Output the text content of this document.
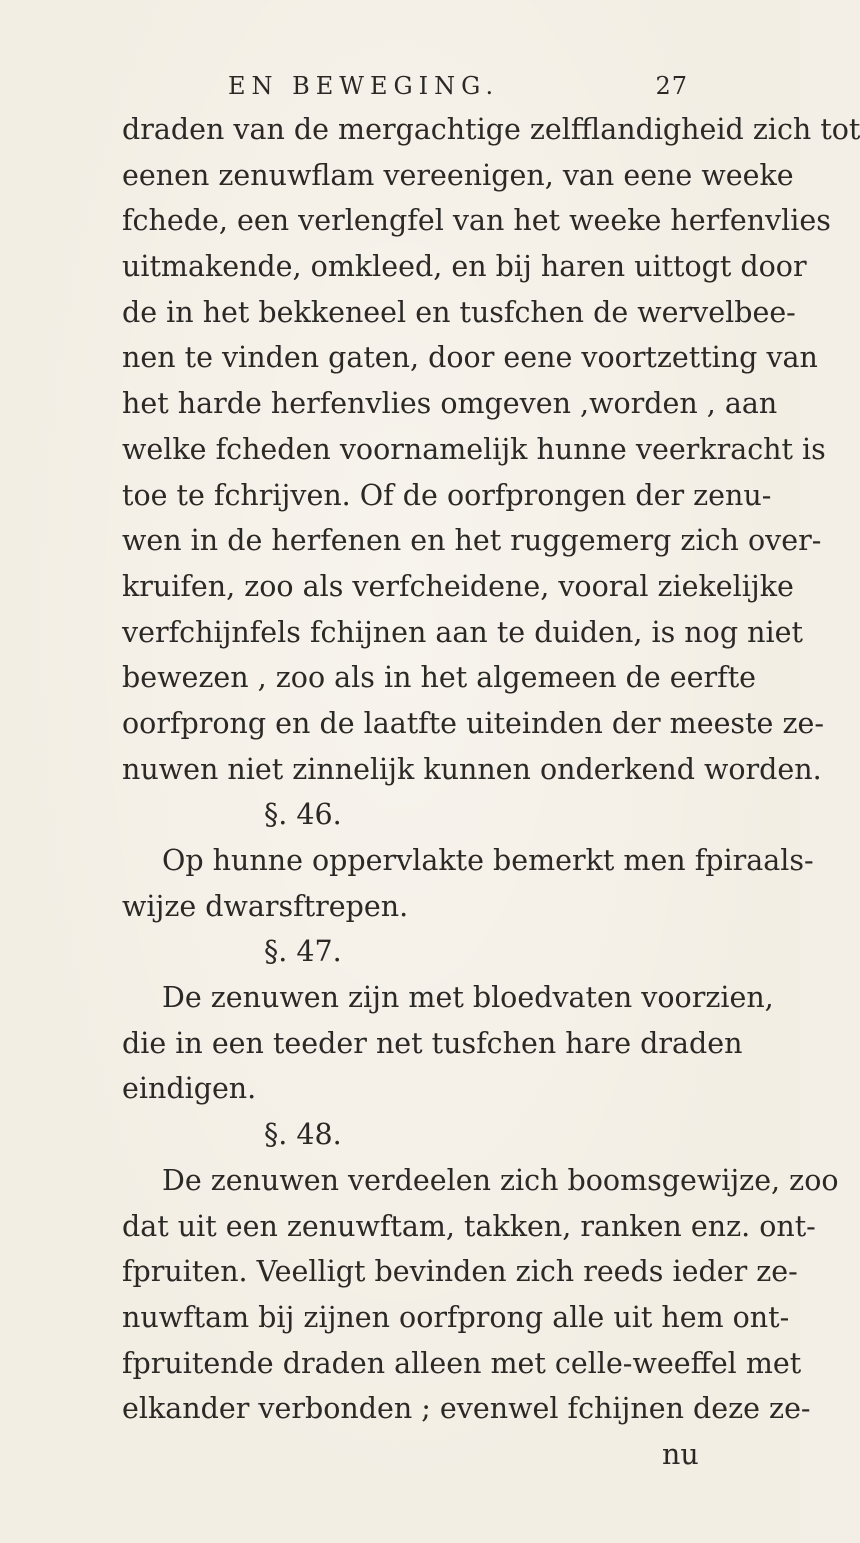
EN BEWEGING.	27
draden van de mergachtige zelfflandigheid zich tot
eenen zenuwflam vereenigen, van eene weeke
fchede, een verlengfel van het weeke herfenvlies
uitmakende, omkleed, en bij haren uittogt door
de in het bekkeneel en tusfchen de wervelbee-
nen te vinden gaten, door eene voortzetting van
het harde herfenvlies omgeven ,worden , aan
welke fcheden voornamelijk hunne veerkracht is
toe te fchrijven. Of de oorfprongen der zenu-
wen in de herfenen en het ruggemerg zich over-
kruifen, zoo als verfcheidene, vooral ziekelijke
verfchijnfels fchijnen aan te duiden, is nog niet
bewezen , zoo als in het algemeen de eerfte
oorfprong en de laatfte uiteinden der meeste ze-
nuwen niet zinnelijk kunnen onderkend worden.
§. 46.
Op hunne oppervlakte bemerkt men fpiraals-
wijze dwarsftrepen.
§. 47.
De zenuwen zijn met bloedvaten voorzien,
die in een teeder net tusfchen hare draden
eindigen.
§. 48.
De zenuwen verdeelen zich boomsgewijze, zoo
dat uit een zenuwftam, takken, ranken enz. ont-
fpruiten. Veelligt bevinden zich reeds ieder ze-
nuwftam bij zijnen oorfprong alle uit hem ont-
fpruitende draden alleen met celle-weeffel met
elkander verbonden ; evenwel fchijnen deze ze-
nu
